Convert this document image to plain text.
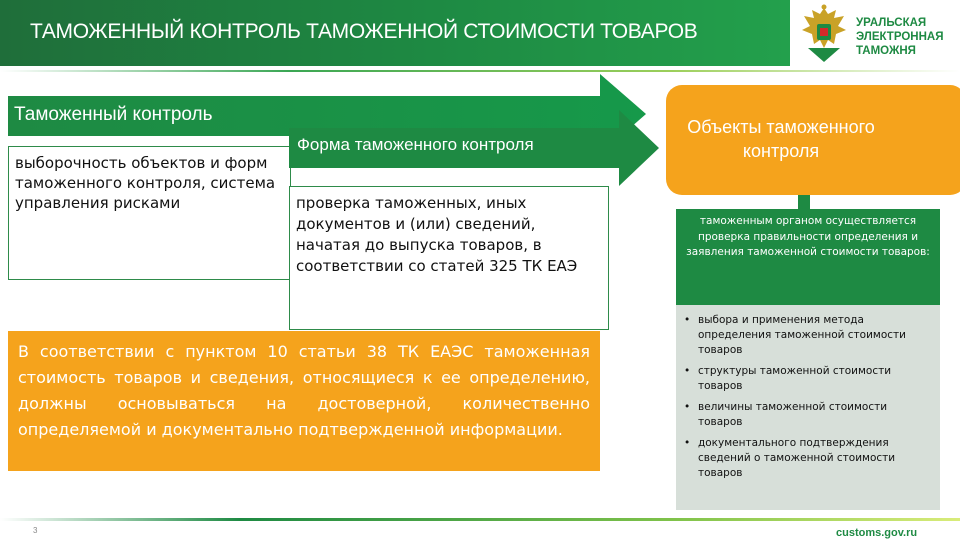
ТАМОЖЕННЫЙ КОНТРОЛЬ ТАМОЖЕННОЙ СТОИМОСТИ ТОВАРОВ	УРАЛЬСКАЯ
ЭЛЕКТРОННАЯ
ТАМОЖНЯ
Таможенный контроль
выборочность объектов и форм таможенного контроля, система управления рисками
Форма таможенного контроля
проверка таможенных, иных документов и (или) сведений, начатая до выпуска товаров, в соответствии со статей 325 ТК ЕАЭ
В соответствии с пунктом 10 статьи 38 ТК ЕАЭС таможенная стоимость товаров и сведения, относящиеся к ее определению, должны основываться на достоверной, количественно определяемой и документально подтвержденной информации.
Объекты таможенного контроля
таможенным органом осуществляется проверка правильности определения и заявления таможенной стоимости товаров:
• выбора и применения метода определения таможенной стоимости товаров
• структуры таможенной стоимости товаров
• величины таможенной стоимости товаров
• документального подтверждения сведений о таможенной стоимости товаров
3	customs.gov.ru
